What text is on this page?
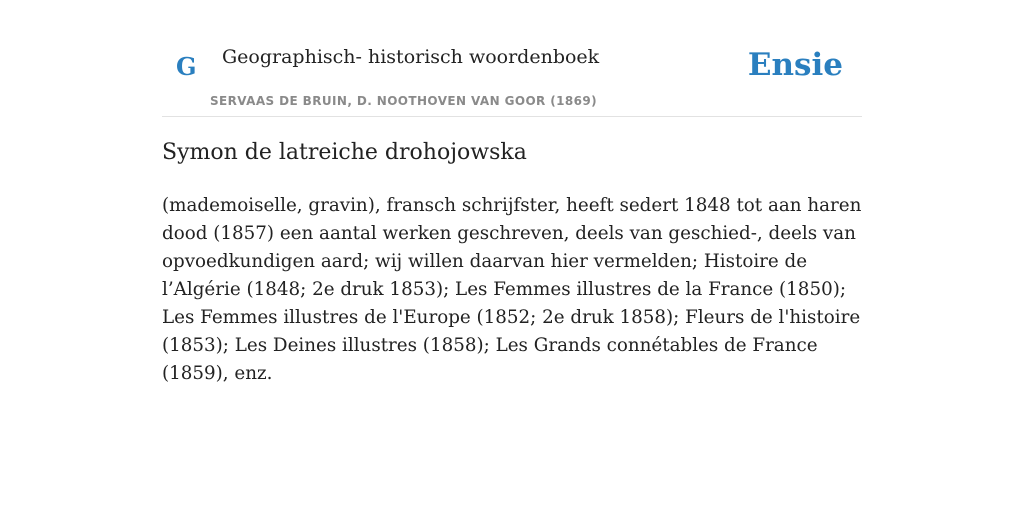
G Geographisch- historisch woordenboek
SERVAAS DE BRUIN, D. NOOTHOVEN VAN GOOR (1869)
Ensie
Symon de latreiche drohojowska

(mademoiselle, gravin), fransch schrijfster, heeft sedert 1848 tot aan haren dood (1857) een aantal werken geschreven, deels van geschied-, deels van opvoedkundigen aard; wij willen daarvan hier vermelden; Histoire de l’Algérie (1848; 2e druk 1853); Les Femmes illustres de la France (1850); Les Femmes illustres de l'Europe (1852; 2e druk 1858); Fleurs de l'histoire (1853); Les Deines illustres (1858); Les Grands connétables de France (1859), enz.
